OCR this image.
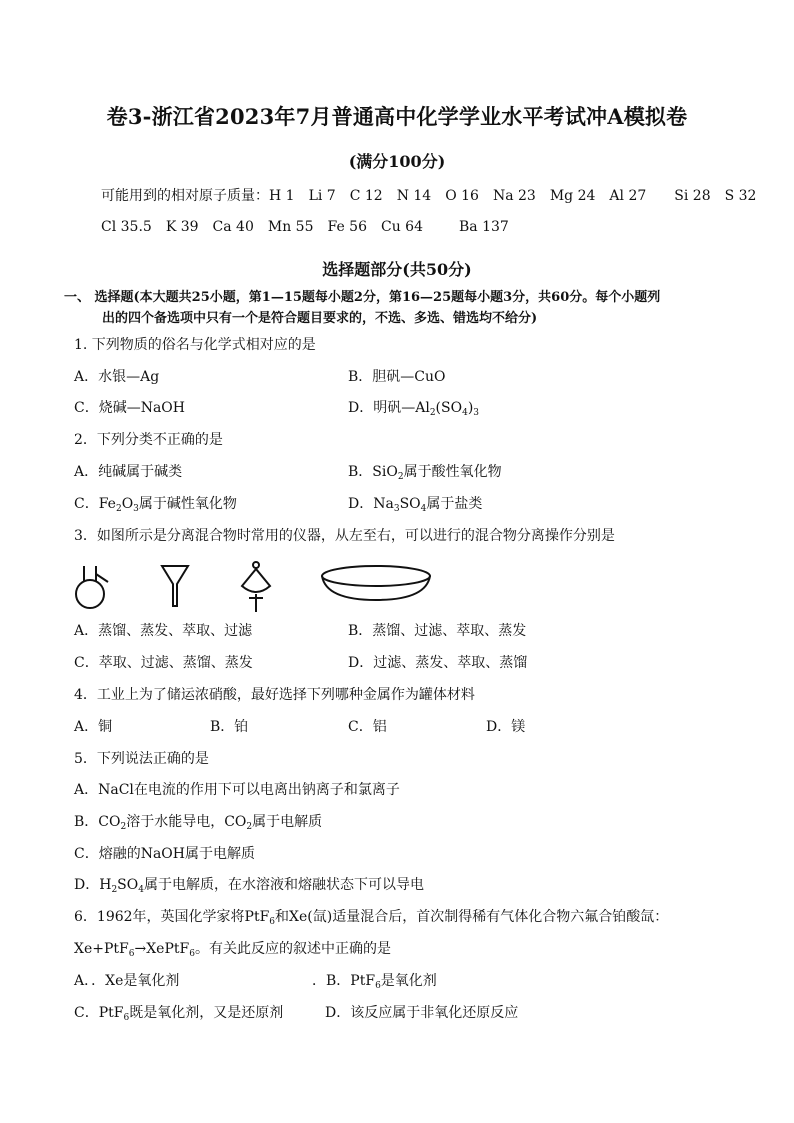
卷3-浙江省2023年7月普通高中化学学业水平考试冲A模拟卷
(满分100分)
可能用到的相对原子质量：H 1 Li 7 C 12 N 14 O 16 Na 23 Mg 24 Al 27 Si 28 S 32
Cl 35.5 K 39 Ca 40 Mn 55 Fe 56 Cu 64	Ba 137
选择题部分(共50分)
一、 选择题(本大题共25小题，第1—15题每小题2分，第16—25题每小题3分，共60分。每个小题列
出的四个备选项中只有一个是符合题目要求的，不选、多选、错选均不给分)
1. 下列物质的俗名与化学式相对应的是
A．水银—Ag	B．胆矾—CuO
C．烧碱—NaOH	D．明矾$—Al_2(SO_4)_3$
2．下列分类不正确的是
A．纯碱属于碱类	B．SiO$_2$属于酸性氧化物
C．$Fe_2O_3$属于碱性氧化物	D．$Na_3SO_4$属于盐类
3．如图所示是分离混合物时常用的仪器，从左至右，可以进行的混合物分离操作分别是
A．蒸馏、蒸发、萃取、过滤	B．蒸馏、过滤、萃取、蒸发
C．萃取、过滤、蒸馏、蒸发	D．过滤、蒸发、萃取、蒸馏
4．工业上为了储运浓硝酸，最好选择下列哪种金属作为罐体材料
A．铜	B．铂	C．铝	D．镁
5．下列说法正确的是
A．NaCl在电流的作用下可以电离出钠离子和氯离子
B．$CO_2$溶于水能导电，$CO_2$属于电解质
C．熔融的NaOH属于电解质
D．$H_2SO_4$属于电解质，在水溶液和熔融状态下可以导电
6．1962年，英国化学家将PtF$_6$和Xe(氙)适量混合后，首次制得稀有气体化合物六氟合铂酸氙：
Xe+PtF$_6$→XePtF$_6$。有关此反应的叙述中正确的是
A．．Xe是氧化剂	．B．PtF$_6$是氧化剂
C．PtF$_6$既是氧化剂，又是还原剂	D．该反应属于非氧化还原反应
